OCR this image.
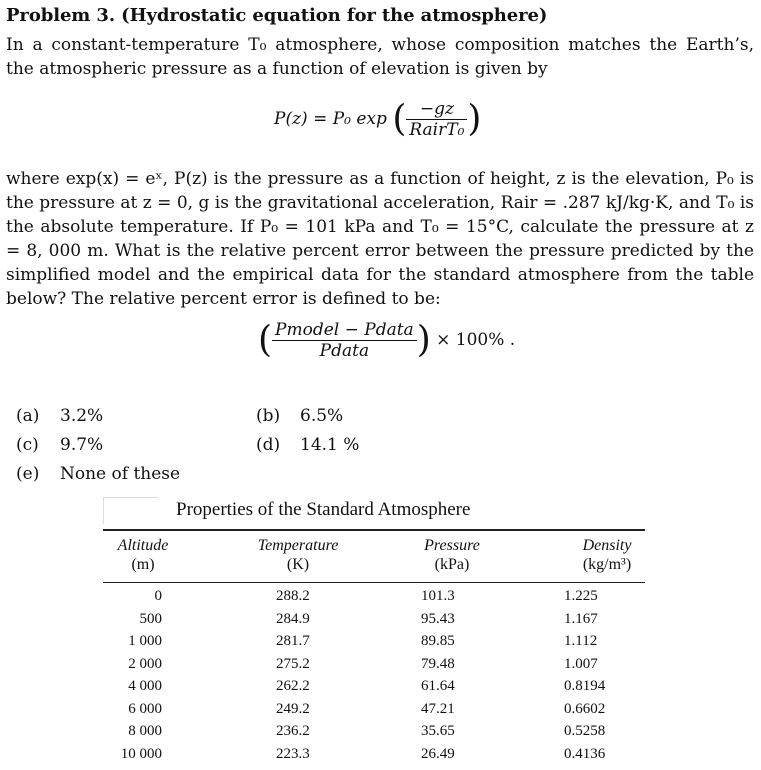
Problem 3. (Hydrostatic equation for the atmosphere)
In a constant-temperature T₀ atmosphere, whose composition matches the Earth’s, the atmospheric pressure as a function of elevation is given by
P(z) = P₀ exp ( $\frac{-gz}{\text{RairT₀}}$ )
where exp(x) = eˣ, P(z) is the pressure as a function of height, z is the elevation, P₀ is the pressure at z = 0, g is the gravitational acceleration, Rair = .287 kJ/kg·K, and T₀ is the absolute temperature. If P₀ = 101 kPa and T₀ = 15°C, calculate the pressure at z = 8, 000 m. What is the relative percent error between the pressure predicted by the simplified model and the empirical data for the standard atmosphere from the table below? The relative percent error is defined to be:
( $\frac{\text{Pmodel − Pdata}}{\text{Pdata}}$ ) × 100% .
(a) 3.2%	(b) 6.5%
(c) 9.7%	(d) 14.1 %
(e) None of these
Properties of the Standard Atmosphere
Altitude
(m)
Temperature
(K)
Pressure
(kPa)
Density
(kg/m³)
0
500
1 000
2 000
4 000
6 000
8 000
10 000
288.2
284.9
281.7
275.2
262.2
249.2
236.2
223.3
101.3
95.43
89.85
79.48
61.64
47.21
35.65
26.49
1.225
1.167
1.112
1.007
0.8194
0.6602
0.5258
0.4136
